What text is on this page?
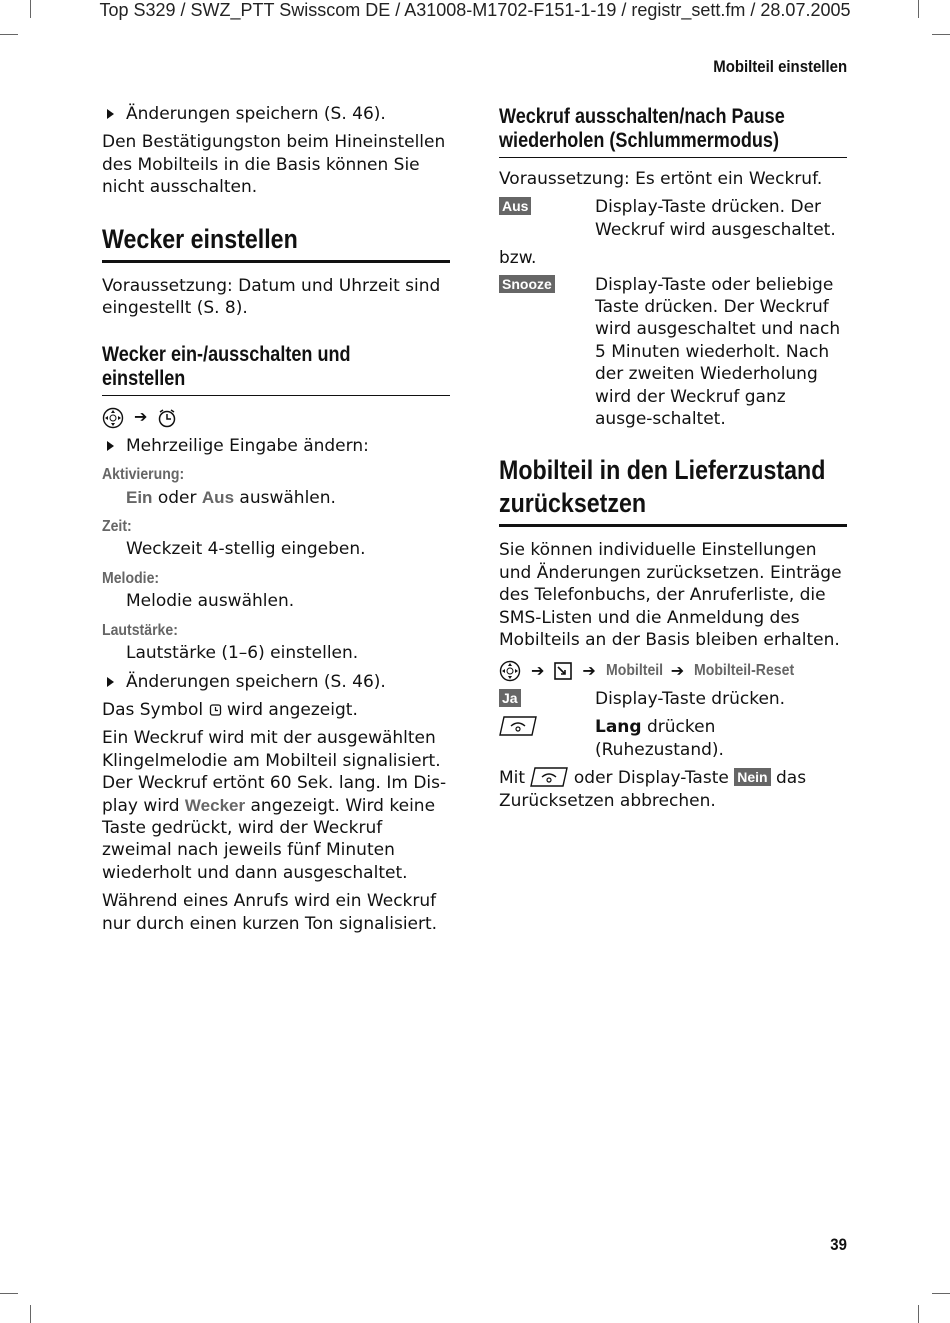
Top S329 / SWZ_PTT Swisscom DE / A31008-M1702-F151-1-19 / registr_sett.fm / 28.07.2005
Mobilteil einstellen
39

Änderungen speichern (S. 46).

Den Bestätigungston beim Hineinstellen des Mobilteils in die Basis können Sie nicht ausschalten.

Wecker einstellen

Voraussetzung: Datum und Uhrzeit sind eingestellt (S. 8).

Wecker ein-/ausschalten und
einstellen
➔

Mehrzeilige Eingabe ändern:

Aktivierung:

Ein oder Aus auswählen.

Zeit:

Weckzeit 4-stellig eingeben.

Melodie:

Melodie auswählen.

Lautstärke:

Lautstärke (1–6) einstellen.

Änderungen speichern (S. 46).

Das Symbol wird angezeigt.

Ein Weckruf wird mit der ausgewählten Klingelmelodie am Mobilteil signalisiert. Der Weckruf ertönt 60 Sek. lang. Im Dis-play wird Wecker angezeigt. Wird keine Taste gedrückt, wird der Weckruf zweimal nach jeweils fünf Minuten wiederholt und dann ausgeschaltet.

Während eines Anrufs wird ein Weckruf nur durch einen kurzen Ton signalisiert.

Weckruf ausschalten/nach Pause
wiederholen (Schlummermodus)

Voraussetzung: Es ertönt ein Weckruf.

Aus	Display-Taste drücken. Der Weckruf wird ausgeschaltet.

bzw.

Snooze	Display-Taste oder beliebige Taste drücken. Der Weckruf wird ausgeschaltet und nach 5 Minuten wiederholt. Nach der zweiten Wiederholung wird der Weckruf ganz ausge-schaltet.
Mobilteil in den Lieferzustand
zurücksetzen

Sie können individuelle Einstellungen und Änderungen zurücksetzen. Einträge des Telefonbuchs, der Anruferliste, die SMS-Listen und die Anmeldung des Mobilteils an der Basis bleiben erhalten.

➔ ➔ Mobilteil ➔ Mobilteil-Reset
Ja	Display-Taste drücken.
Lang drücken (Ruhezustand).

Mit	oder Display-Taste Nein das Zurücksetzen abbrechen.
